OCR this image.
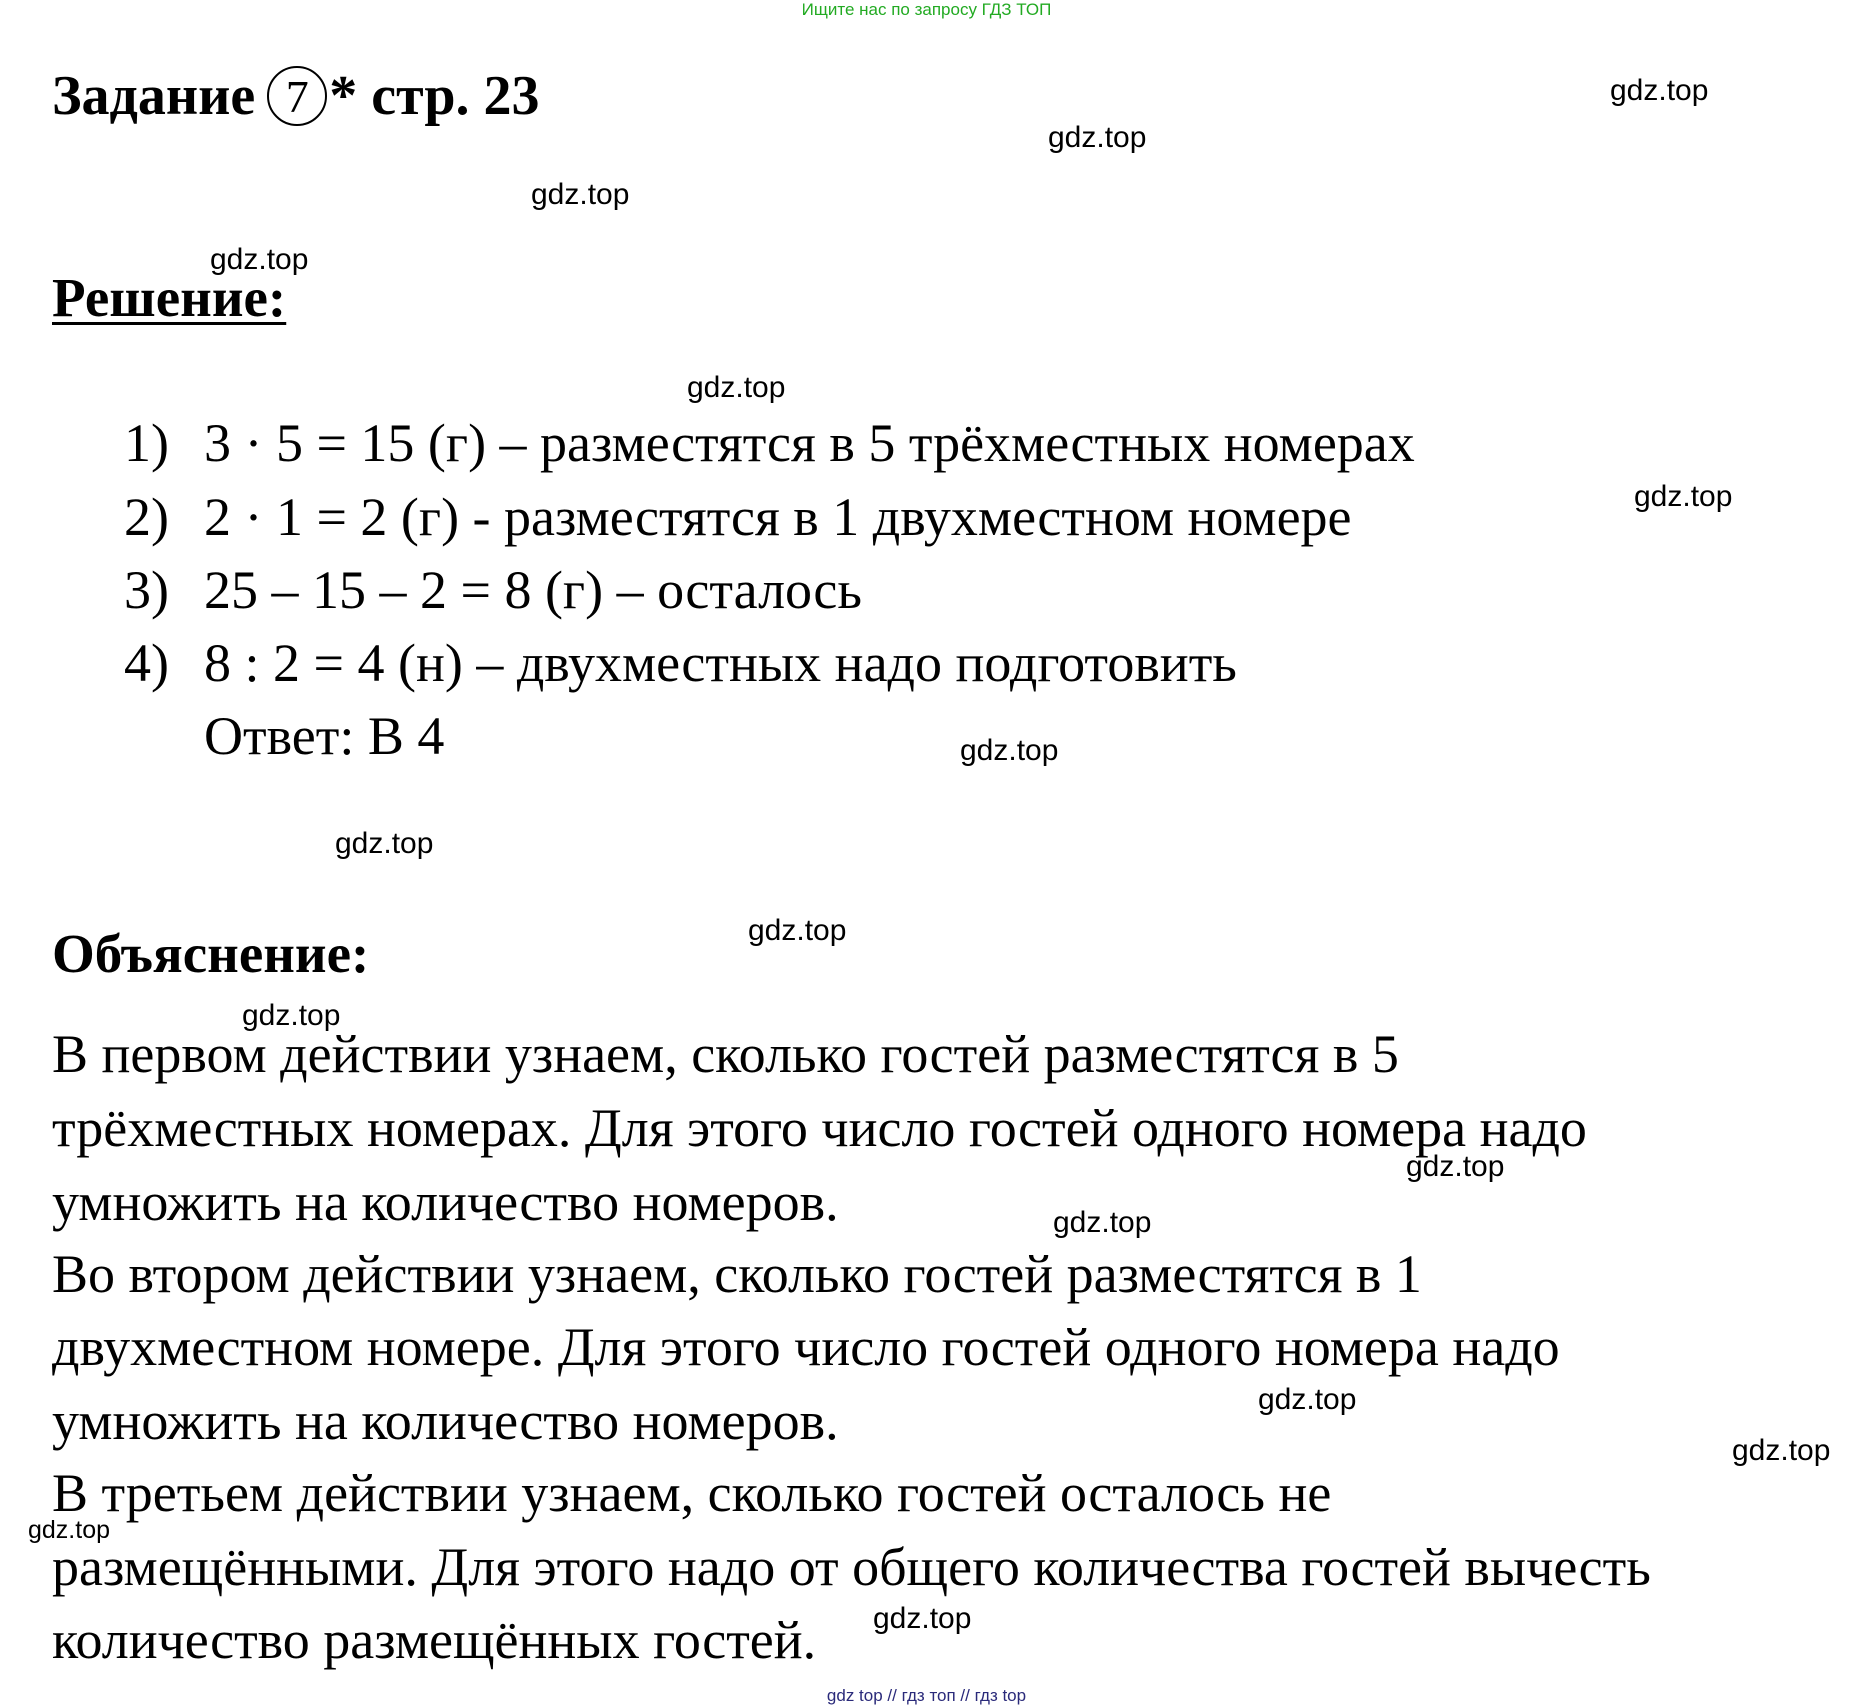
Ищите нас по запросу ГДЗ ТОП
Задание 7 * стр. 23
Решение:
1) 3 · 5 = 15 (г) – разместятся в 5 трёхместных номерах
2) 2 · 1 = 2 (г) - разместятся в 1 двухместном номере
3) 25 – 15 – 2 = 8 (г) – осталось
4) 8 : 2 = 4 (н) – двухместных надо подготовить
Ответ: В 4
Объяснение:
В первом действии узнаем, сколько гостей разместятся в 5
трёхместных номерах. Для этого число гостей одного номера надо
умножить на количество номеров.
Во втором действии узнаем, сколько гостей разместятся в 1
двухместном номере. Для этого число гостей одного номера надо
умножить на количество номеров.
В третьем действии узнаем, сколько гостей осталось не
размещёнными. Для этого надо от общего количества гостей вычесть
количество размещённых гостей.
gdz.top
gdz.top
gdz.top
gdz.top
gdz.top
gdz.top
gdz.top
gdz.top
gdz.top
gdz.top
gdz.top
gdz.top
gdz.top
gdz.top
gdz.top
gdz.top
gdz top // гдз топ // гдз top
